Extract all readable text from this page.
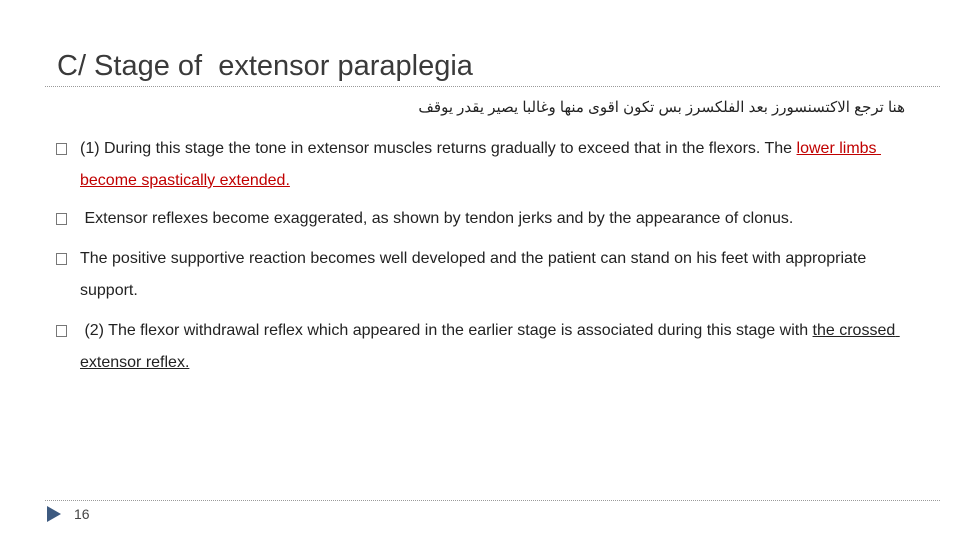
C/ Stage of  extensor paraplegia
هنا ترجع الاكتسنسورز بعد الفلكسرز بس تكون اقوى منها وغالبا يصير يقدر يوقف
(1) During this stage the tone in extensor muscles returns gradually to exceed that in the flexors. The lower limbs become spastically extended.
Extensor reflexes become exaggerated, as shown by tendon jerks and by the appearance of clonus.
The positive supportive reaction becomes well developed and the patient can stand on his feet with appropriate support.
(2) The flexor withdrawal reflex which appeared in the earlier stage is associated during this stage with the crossed extensor reflex.
16
